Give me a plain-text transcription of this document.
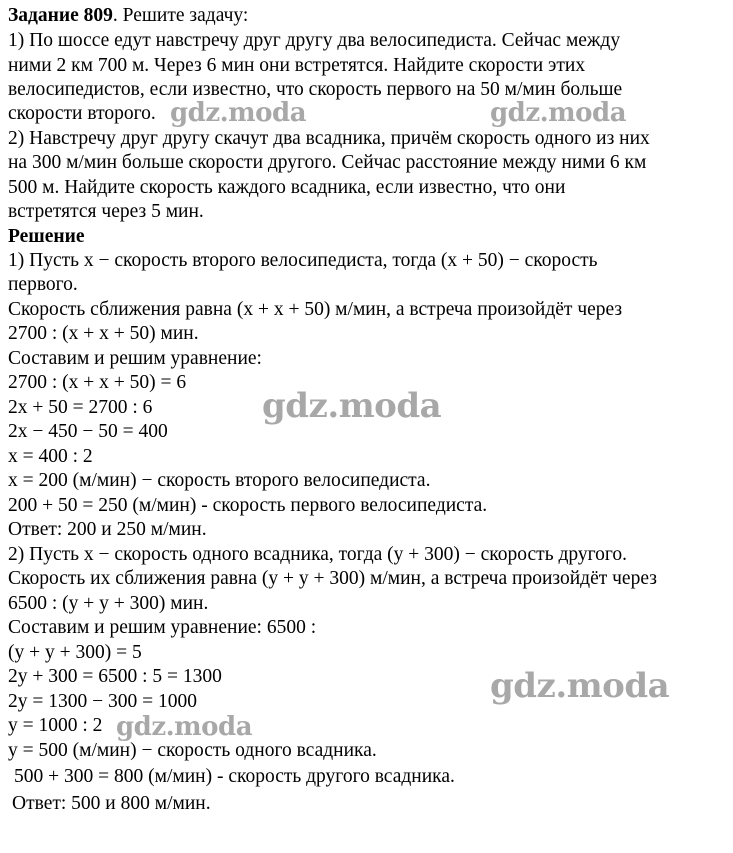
Задание 809. Решите задачу:
1) По шоссе едут навстречу друг другу два велосипедиста. Сейчас между
ними 2 км 700 м. Через 6 мин они встретятся. Найдите скорости этих
велосипедистов, если известно, что скорость первого на 50 м/мин больше
скорости второго.
2) Навстречу друг другу скачут два всадника, причём скорость одного из них
на 300 м/мин больше скорости другого. Сейчас расстояние между ними 6 км
500 м. Найдите скорость каждого всадника, если известно, что они
встретятся через 5 мин.
Решение
1) Пусть x − скорость второго велосипедиста, тогда (x + 50) − скорость
первого.
Скорость сближения равна (x + x + 50) м/мин, а встреча произойдёт через
2700 : (x + x + 50) мин.
Составим и решим уравнение:
2700 : (x + x + 50) = 6
2x + 50 = 2700 : 6
2x − 450 − 50 = 400
x = 400 : 2
x = 200 (м/мин) − скорость второго велосипедиста.
200 + 50 = 250 (м/мин) - скорость первого велосипедиста.
Ответ: 200 и 250 м/мин.
2) Пусть x − скорость одного всадника, тогда (y + 300) − скорость другого.
Скорость их сближения равна (y + y + 300) м/мин, а встреча произойдёт через
6500 : (y + y + 300) мин.
Составим и решим уравнение: 6500 :
(y + y + 300) = 5
2y + 300 = 6500 : 5 = 1300
2y = 1300 − 300 = 1000
y = 1000 : 2
y = 500 (м/мин) − скорость одного всадника.
500 + 300 = 800 (м/мин) - скорость другого всадника.
Ответ: 500 и 800 м/мин.
gdz.moda	gdz.moda
gdz.moda
gdz.moda
gdz.moda
